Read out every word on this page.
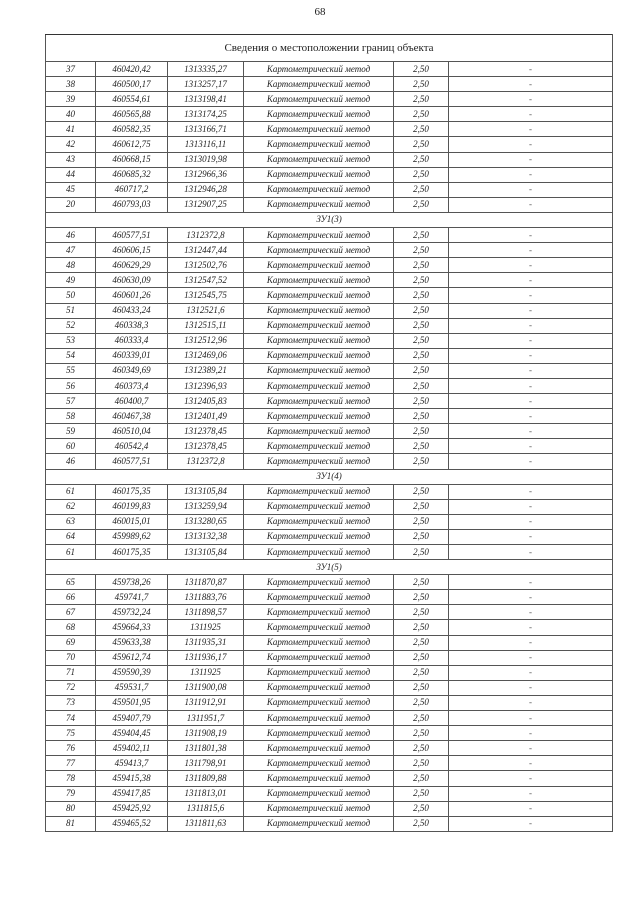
68
Сведения о местоположении границ объекта					
37	460420,42	1313335,27	Картометрический метод	2,50	-
38	460500,17	1313257,17	Картометрический метод	2,50	-
39	460554,61	1313198,41	Картометрический метод	2,50	-
40	460565,88	1313174,25	Картометрический метод	2,50	-
41	460582,35	1313166,71	Картометрический метод	2,50	-
42	460612,75	1313116,11	Картометрический метод	2,50	-
43	460668,15	1313019,98	Картометрический метод	2,50	-
44	460685,32	1312966,36	Картометрический метод	2,50	-
45	460717,2	1312946,28	Картометрический метод	2,50	-
20	460793,03	1312907,25	Картометрический метод	2,50	-
ЗУ1(3)					
46	460577,51	1312372,8	Картометрический метод	2,50	-
47	460606,15	1312447,44	Картометрический метод	2,50	-
48	460629,29	1312502,76	Картометрический метод	2,50	-
49	460630,09	1312547,52	Картометрический метод	2,50	-
50	460601,26	1312545,75	Картометрический метод	2,50	-
51	460433,24	1312521,6	Картометрический метод	2,50	-
52	460338,3	1312515,11	Картометрический метод	2,50	-
53	460333,4	1312512,96	Картометрический метод	2,50	-
54	460339,01	1312469,06	Картометрический метод	2,50	-
55	460349,69	1312389,21	Картометрический метод	2,50	-
56	460373,4	1312396,93	Картометрический метод	2,50	-
57	460400,7	1312405,83	Картометрический метод	2,50	-
58	460467,38	1312401,49	Картометрический метод	2,50	-
59	460510,04	1312378,45	Картометрический метод	2,50	-
60	460542,4	1312378,45	Картометрический метод	2,50	-
46	460577,51	1312372,8	Картометрический метод	2,50	-
ЗУ1(4)					
61	460175,35	1313105,84	Картометрический метод	2,50	-
62	460199,83	1313259,94	Картометрический метод	2,50	-
63	460015,01	1313280,65	Картометрический метод	2,50	-
64	459989,62	1313132,38	Картометрический метод	2,50	-
61	460175,35	1313105,84	Картометрический метод	2,50	-
ЗУ1(5)					
65	459738,26	1311870,87	Картометрический метод	2,50	-
66	459741,7	1311883,76	Картометрический метод	2,50	-
67	459732,24	1311898,57	Картометрический метод	2,50	-
68	459664,33	1311925	Картометрический метод	2,50	-
69	459633,38	1311935,31	Картометрический метод	2,50	-
70	459612,74	1311936,17	Картометрический метод	2,50	-
71	459590,39	1311925	Картометрический метод	2,50	-
72	459531,7	1311900,08	Картометрический метод	2,50	-
73	459501,95	1311912,91	Картометрический метод	2,50	-
74	459407,79	1311951,7	Картометрический метод	2,50	-
75	459404,45	1311908,19	Картометрический метод	2,50	-
76	459402,11	1311801,38	Картометрический метод	2,50	-
77	459413,7	1311798,91	Картометрический метод	2,50	-
78	459415,38	1311809,88	Картометрический метод	2,50	-
79	459417,85	1311813,01	Картометрический метод	2,50	-
80	459425,92	1311815,6	Картометрический метод	2,50	-
81	459465,52	1311811,63	Картометрический метод	2,50	-
